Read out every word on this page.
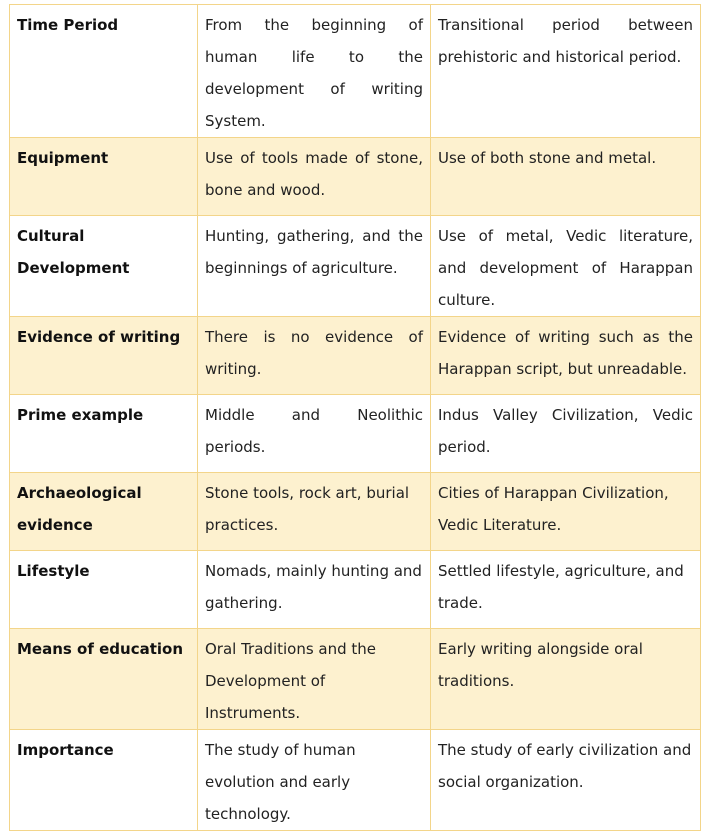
Time Period	From the beginning of human life to the development of writing System.	Transitional period between prehistoric and historical period.
Equipment	Use of tools made of stone, bone and wood.	Use of both stone and metal.
Cultural Development	Hunting, gathering, and the beginnings of agriculture.	Use of metal, Vedic literature, and development of Harappan culture.
Evidence of writing	There is no evidence of writing.	Evidence of writing such as the Harappan script, but unreadable.
Prime example	Middle and Neolithic periods.	Indus Valley Civilization, Vedic period.
Archaeological evidence	Stone tools, rock art, burial practices.	Cities of Harappan Civilization, Vedic Literature.
Lifestyle	Nomads, mainly hunting and gathering.	Settled lifestyle, agriculture, and trade.
Means of education	Oral Traditions and the Development of Instruments.	Early writing alongside oral traditions.
Importance	The study of human evolution and early technology.	The study of early civilization and social organization.
